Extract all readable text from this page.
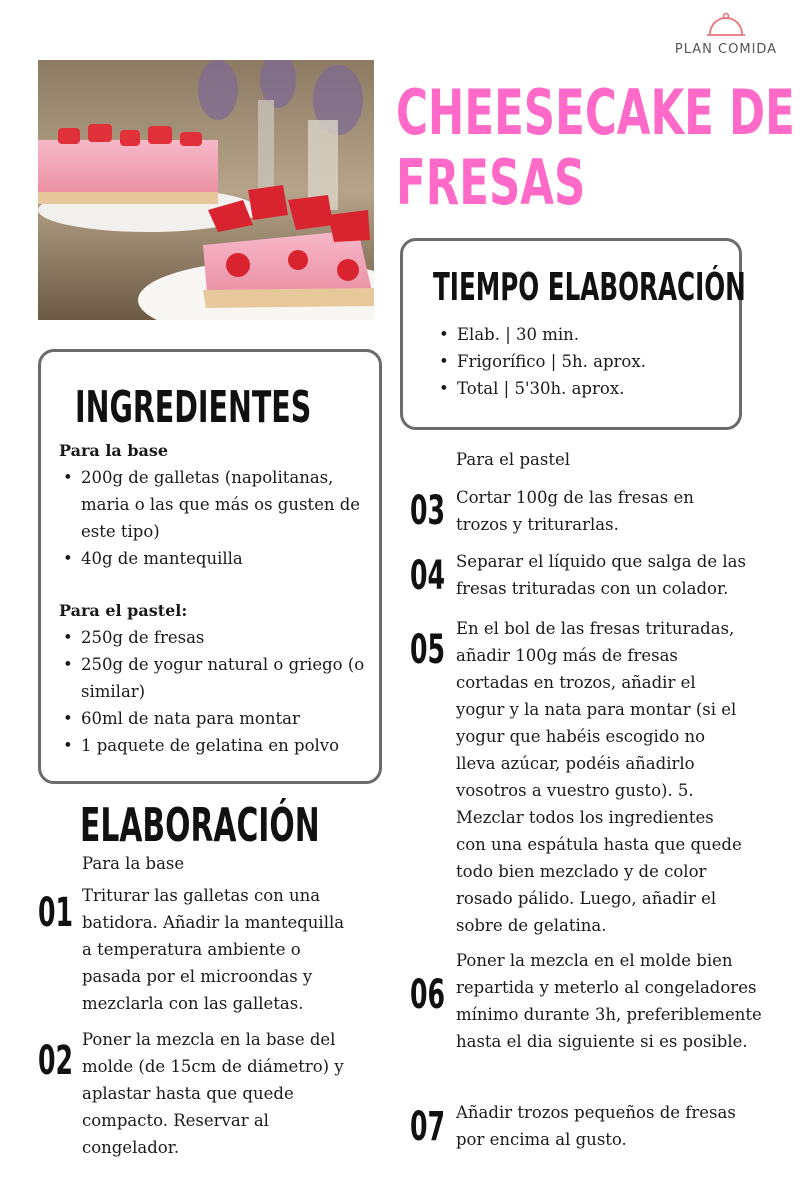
PLAN COMIDA
CHEESECAKE DE
FRESAS
TIEMPO ELABORACIÓN
• Elab. | 30 min.
• Frigorífico | 5h. aprox.
• Total | 5'30h. aprox.
INGREDIENTES
Para la base
• 200g de galletas (napolitanas, maria o las que más os gusten de este tipo)
• 40g de mantequilla
Para el pastel:
• 250g de fresas
• 250g de yogur natural o griego (o similar)
• 60ml de nata para montar
• 1 paquete de gelatina en polvo
ELABORACIÓN
Para la base
01 Triturar las galletas con una batidora. Añadir la mantequilla a temperatura ambiente o pasada por el microondas y mezclarla con las galletas.
02 Poner la mezcla en la base del molde (de 15cm de diámetro) y aplastar hasta que quede compacto. Reservar al congelador.
Para el pastel
03 Cortar 100g de las fresas en trozos y triturarlas.
04 Separar el líquido que salga de las fresas trituradas con un colador.
05 En el bol de las fresas trituradas, añadir 100g más de fresas cortadas en trozos, añadir el yogur y la nata para montar (si el yogur que habéis escogido no lleva azúcar, podéis añadirlo vosotros a vuestro gusto). 5. Mezclar todos los ingredientes con una espátula hasta que quede todo bien mezclado y de color rosado pálido. Luego, añadir el sobre de gelatina.
06
Poner la mezcla en el molde bien repartida y meterlo al congeladores mínimo durante 3h, preferiblemente hasta el dia siguiente si es posible.
07 Añadir trozos pequeños de fresas por encima al gusto.
